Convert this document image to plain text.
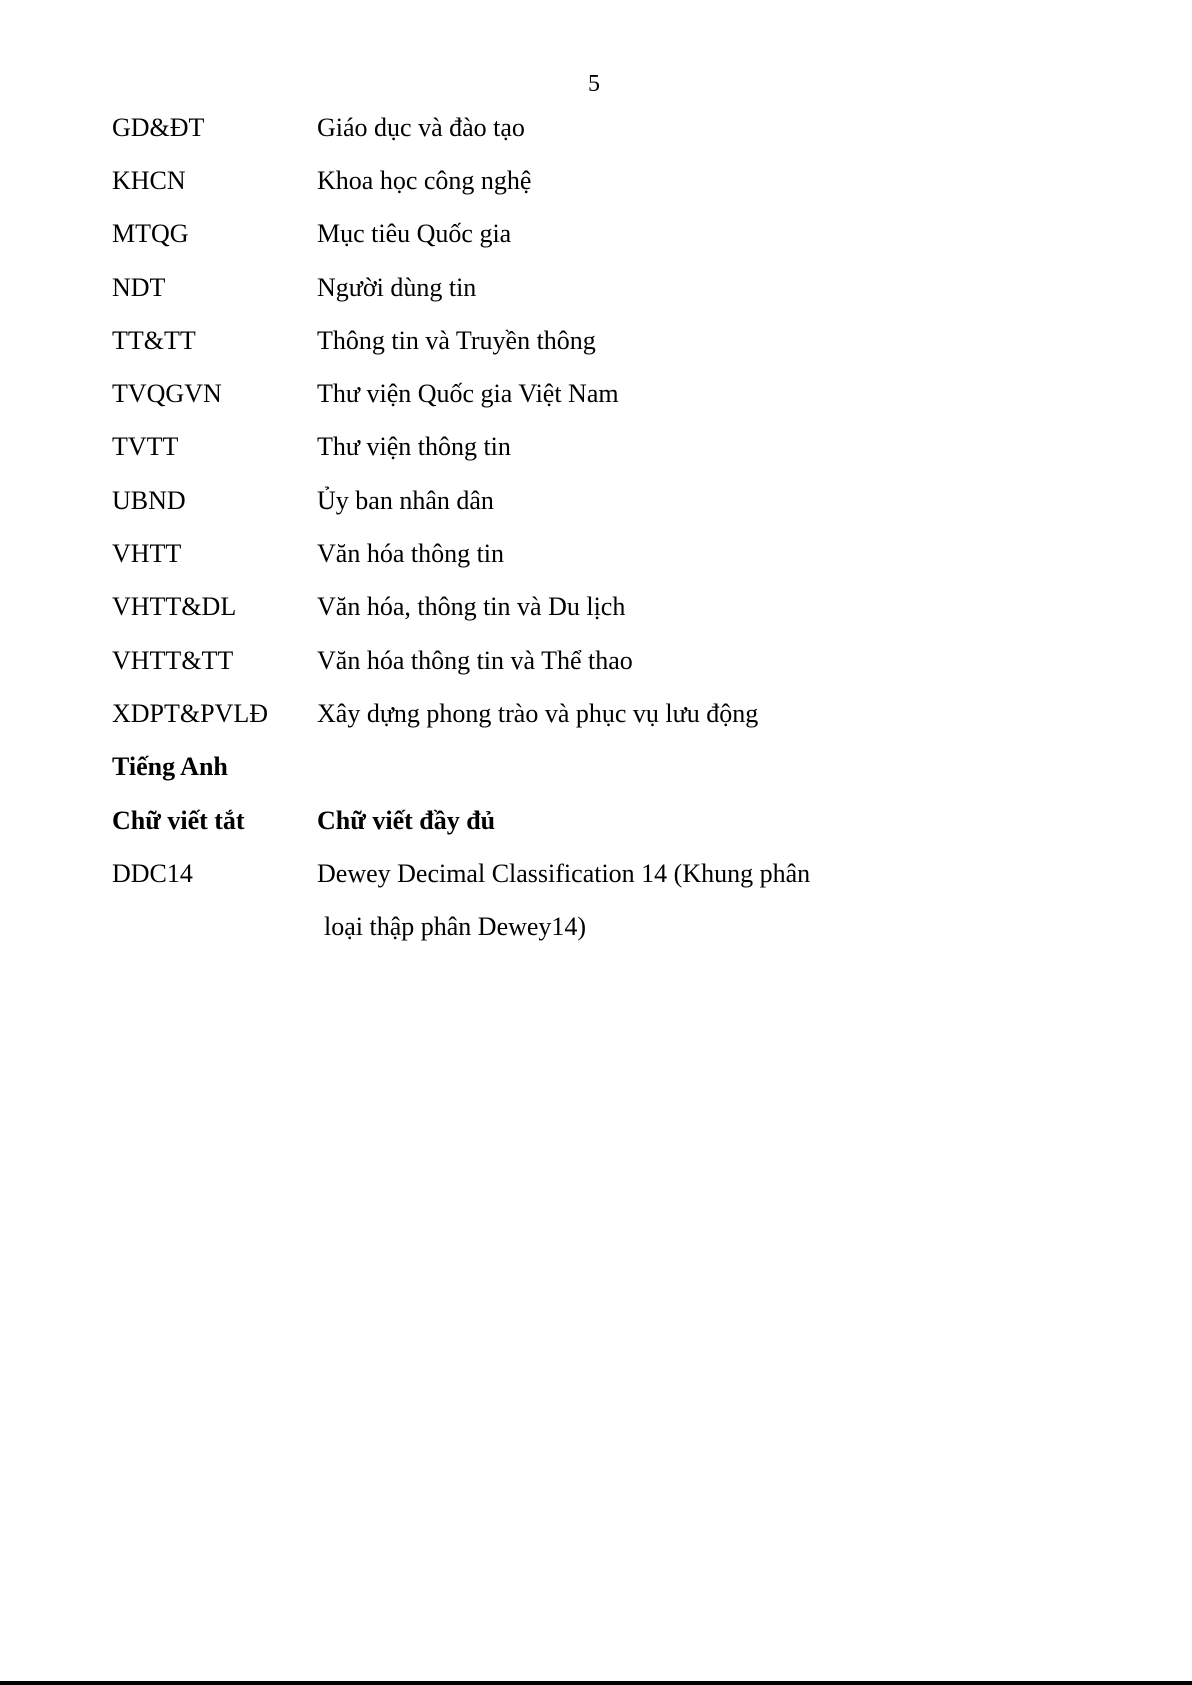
5
GD&ĐT	Giáo dục và đào tạo
KHCN	Khoa học công nghệ
MTQG	Mục tiêu Quốc gia
NDT	Người dùng tin
TT&TT	Thông tin và Truyền thông
TVQGVN	Thư viện Quốc gia Việt Nam
TVTT	Thư viện thông tin
UBND	Ủy ban nhân dân
VHTT	Văn hóa thông tin
VHTT&DL	Văn hóa, thông tin và Du lịch
VHTT&TT	Văn hóa thông tin và Thể thao
XDPT&PVLĐ	Xây dựng phong trào và phục vụ lưu động
Tiếng Anh
Chữ viết tắt	Chữ viết đầy đủ
DDC14	Dewey Decimal Classification 14 (Khung phân
loại thập phân Dewey14)
